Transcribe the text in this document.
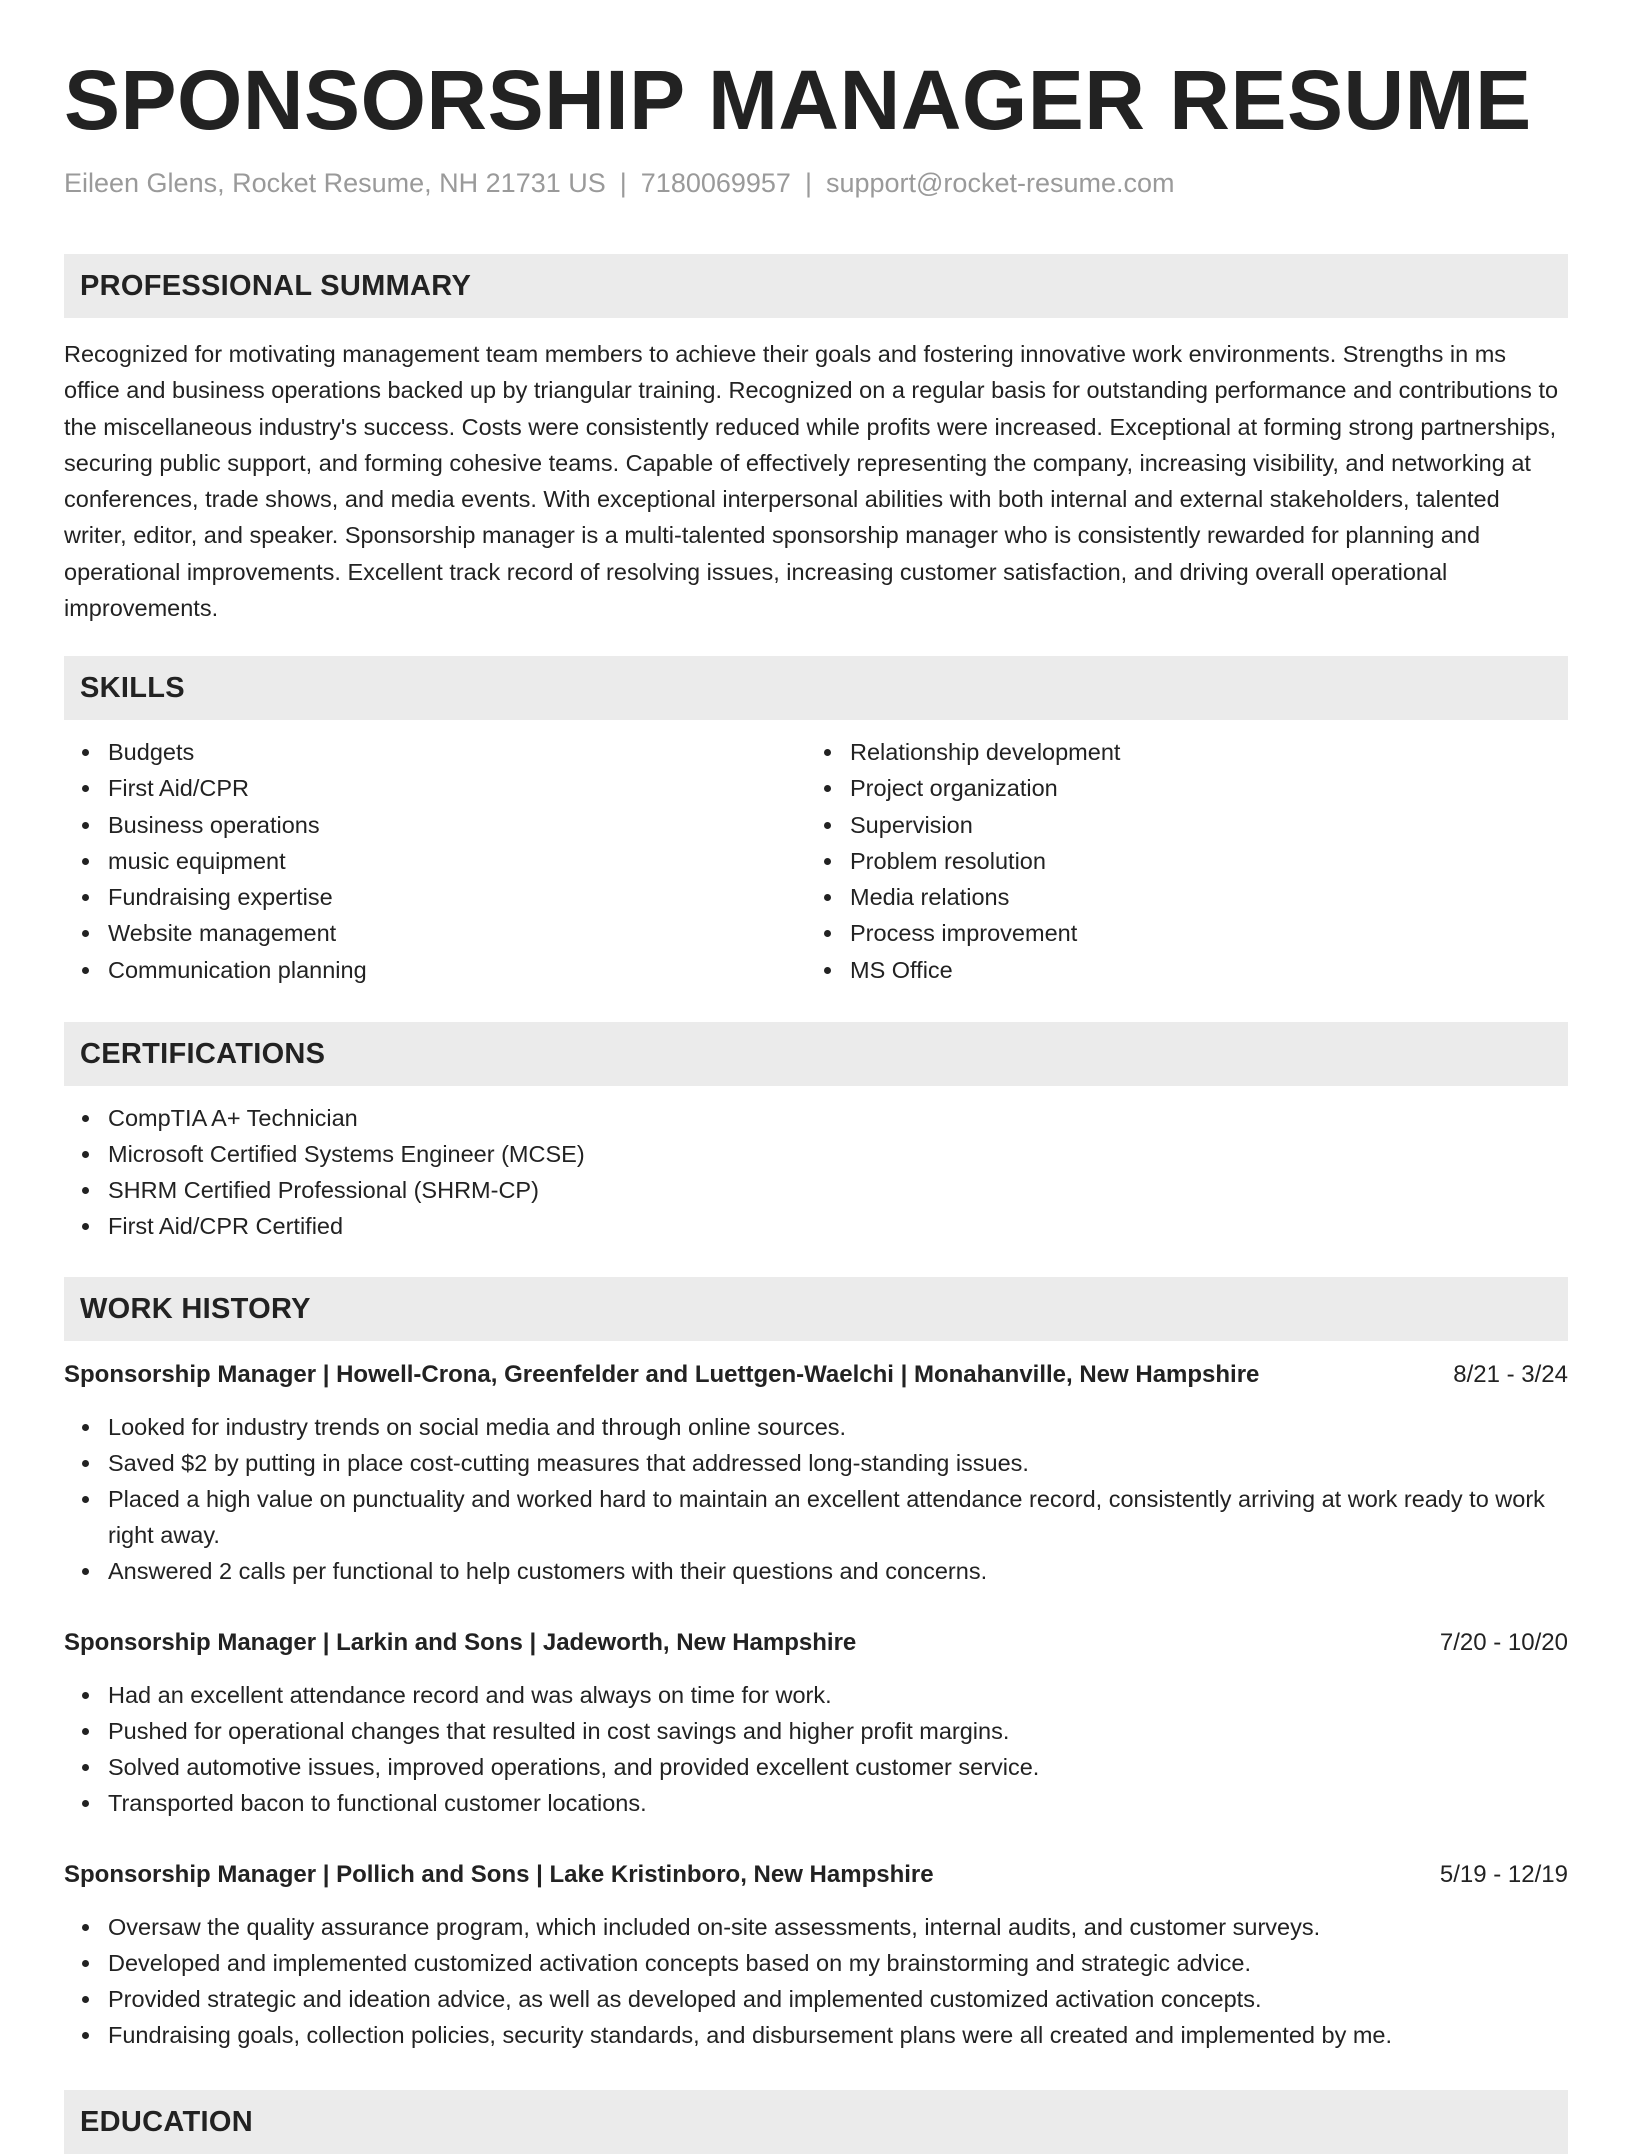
SPONSORSHIP MANAGER RESUME
Eileen Glens, Rocket Resume, NH 21731 US | 7180069957 | support@rocket-resume.com
PROFESSIONAL SUMMARY

Recognized for motivating management team members to achieve their goals and fostering innovative work environments. Strengths in ms office and business operations backed up by triangular training. Recognized on a regular basis for outstanding performance and contributions to the miscellaneous industry's success. Costs were consistently reduced while profits were increased. Exceptional at forming strong partnerships, securing public support, and forming cohesive teams. Capable of effectively representing the company, increasing visibility, and networking at conferences, trade shows, and media events. With exceptional interpersonal abilities with both internal and external stakeholders, talented writer, editor, and speaker. Sponsorship manager is a multi-talented sponsorship manager who is consistently rewarded for planning and operational improvements. Excellent track record of resolving issues, increasing customer satisfaction, and driving overall operational improvements.

SKILLS
Budgets
First Aid/CPR
Business operations
music equipment
Fundraising expertise
Website management
Communication planning
Relationship development
Project organization
Supervision
Problem resolution
Media relations
Process improvement
MS Office
CERTIFICATIONS
CompTIA A+ Technician
Microsoft Certified Systems Engineer (MCSE)
SHRM Certified Professional (SHRM-CP)
First Aid/CPR Certified
WORK HISTORY
Sponsorship Manager | Howell-Crona, Greenfelder and Luettgen-Waelchi | Monahanville, New Hampshire	8/21 - 3/24
Looked for industry trends on social media and through online sources.
Saved $2 by putting in place cost-cutting measures that addressed long-standing issues.
Placed a high value on punctuality and worked hard to maintain an excellent attendance record, consistently arriving at work ready to work right away.
Answered 2 calls per functional to help customers with their questions and concerns.
Sponsorship Manager | Larkin and Sons | Jadeworth, New Hampshire	7/20 - 10/20
Had an excellent attendance record and was always on time for work.
Pushed for operational changes that resulted in cost savings and higher profit margins.
Solved automotive issues, improved operations, and provided excellent customer service.
Transported bacon to functional customer locations.
Sponsorship Manager | Pollich and Sons | Lake Kristinboro, New Hampshire	5/19 - 12/19
Oversaw the quality assurance program, which included on-site assessments, internal audits, and customer surveys.
Developed and implemented customized activation concepts based on my brainstorming and strategic advice.
Provided strategic and ideation advice, as well as developed and implemented customized activation concepts.
Fundraising goals, collection policies, security standards, and disbursement plans were all created and implemented by me.
EDUCATION
